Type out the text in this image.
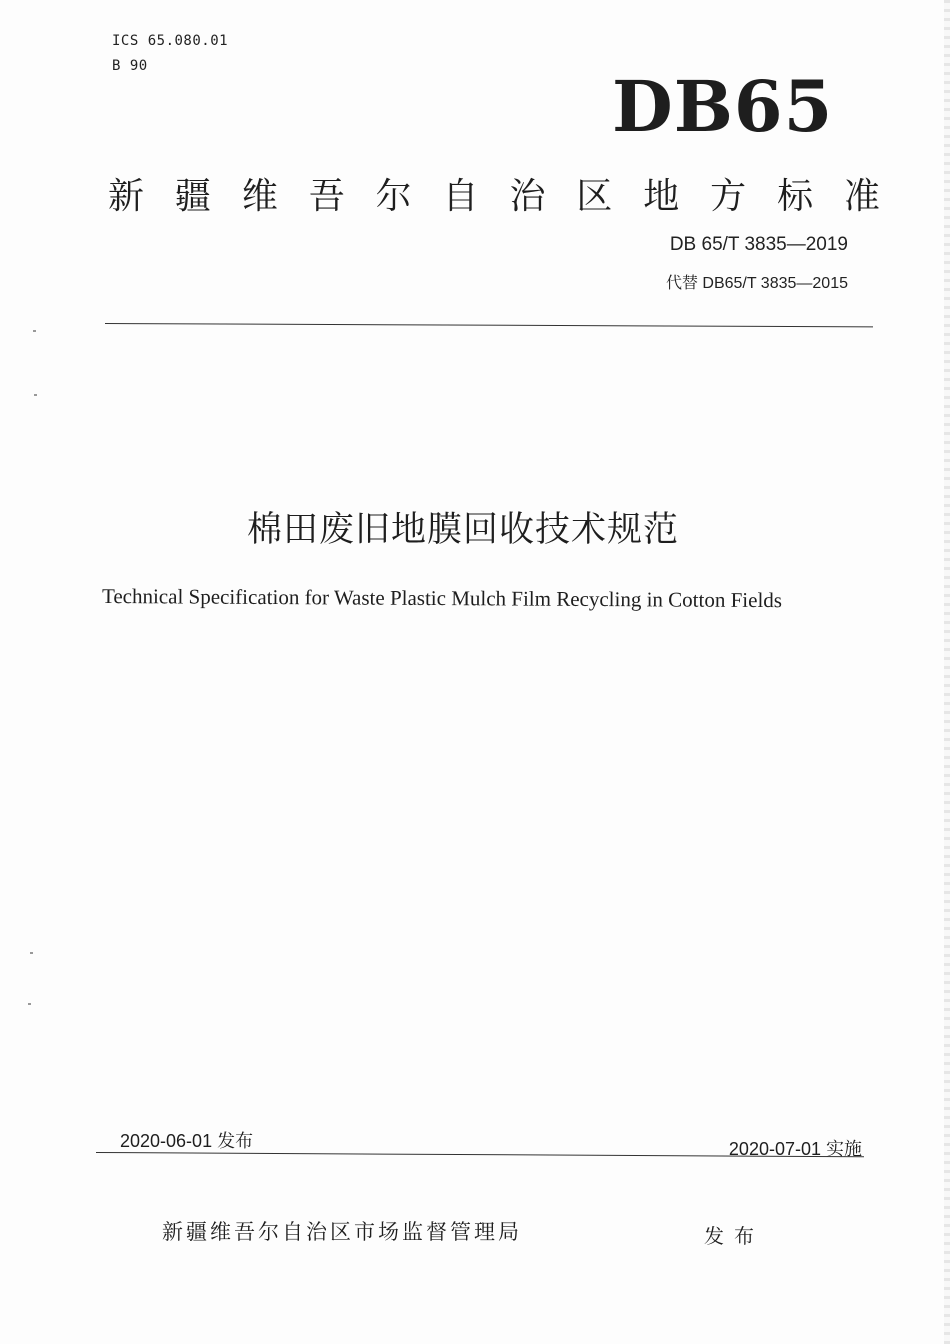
ICS 65.080.01
B 90	DB65
新 疆 维 吾 尔 自 治 区 地 方 标 准
DB 65/T 3835—2019
代替 DB65/T 3835—2015
棉田废旧地膜回收技术规范
Technical Specification for Waste Plastic Mulch Film Recycling in Cotton Fields
2020-06-01 发布	2020-07-01 实施
新疆维吾尔自治区市场监督管理局	发布
